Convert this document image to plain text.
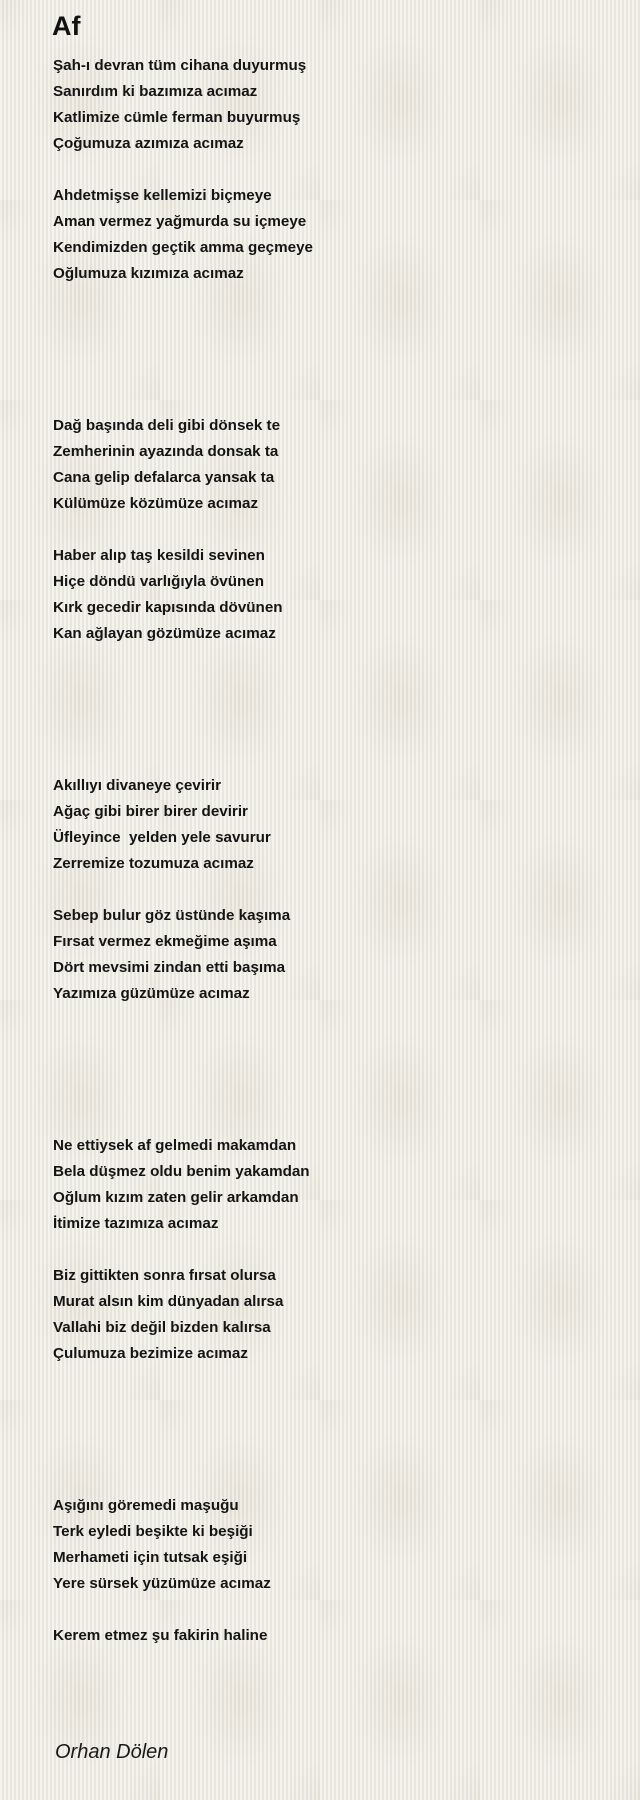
Af
Şah-ı devran tüm cihana duyurmuş
Sanırdım ki bazımıza acımaz
Katlimize cümle ferman buyurmuş
Çoğumuza azımıza acımaz
Ahdetmişse kellemizi biçmeye
Aman vermez yağmurda su içmeye
Kendimizden geçtik amma geçmeye
Oğlumuza kızımıza acımaz
Dağ başında deli gibi dönsek te
Zemherinin ayazında donsak ta
Cana gelip defalarca yansak ta
Külümüze közümüze acımaz
Haber alıp taş kesildi sevinen
Hiçe döndü varlığıyla övünen
Kırk gecedir kapısında dövünen
Kan ağlayan gözümüze acımaz
Akıllıyı divaneye çevirir
Ağaç gibi birer birer devirir
Üfleyince  yelden yele savurur
Zerremize tozumuza acımaz
Sebep bulur göz üstünde kaşıma
Fırsat vermez ekmeğime aşıma
Dört mevsimi zindan etti başıma
Yazımıza güzümüze acımaz
Ne ettiysek af gelmedi makamdan
Bela düşmez oldu benim yakamdan
Oğlum kızım zaten gelir arkamdan
İtimize tazımıza acımaz
Biz gittikten sonra fırsat olursa
Murat alsın kim dünyadan alırsa
Vallahi biz değil bizden kalırsa
Çulumuza bezimize acımaz
Aşığını göremedi maşuğu
Terk eyledi beşikte ki beşiği
Merhameti için tutsak eşiği
Yere sürsek yüzümüze acımaz
Kerem etmez şu fakirin haline
Orhan Dölen
